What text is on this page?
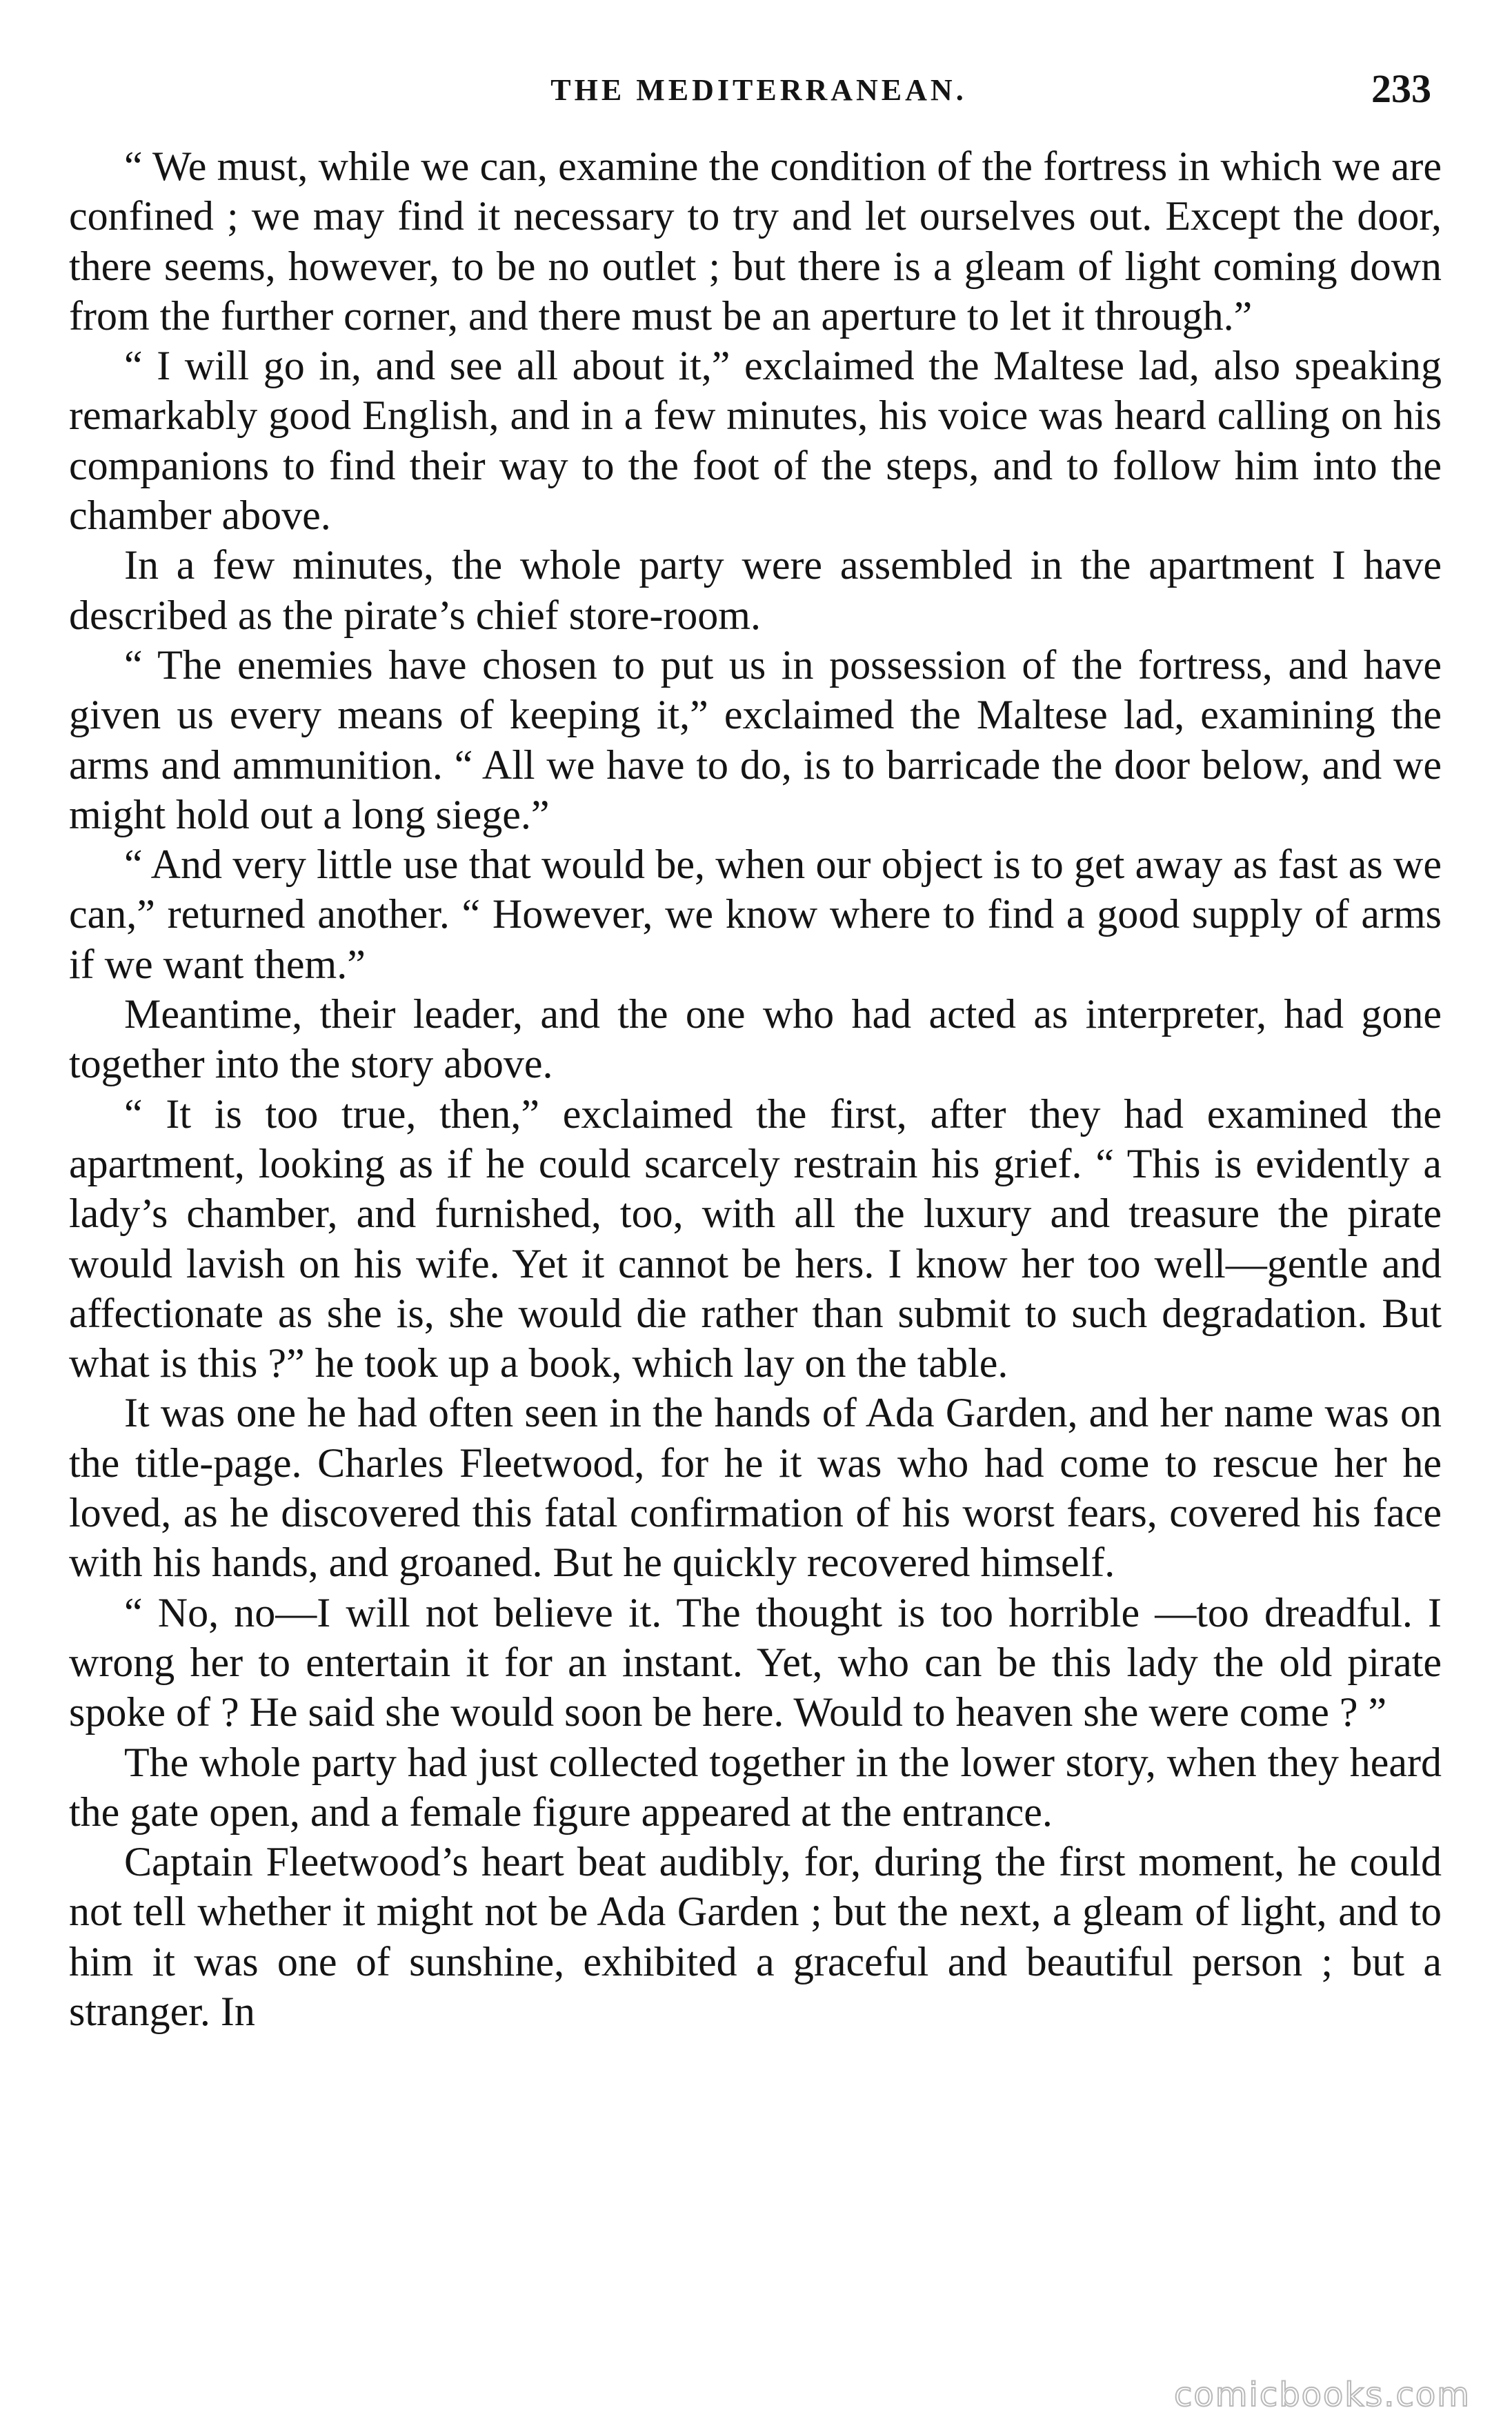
THE MEDITERRANEAN.	233

“ We must, while we can, examine the condition of the fortress in which we are confined ; we may find it necessary to try and let ourselves out. Except the door, there seems, however, to be no outlet ; but there is a gleam of light coming down from the further corner, and there must be an aperture to let it through.”

“ I will go in, and see all about it,” exclaimed the Maltese lad, also speaking remarkably good English, and in a few minutes, his voice was heard calling on his companions to find their way to the foot of the steps, and to follow him into the chamber above.

In a few minutes, the whole party were assembled in the apartment I have described as the pirate’s chief store-room.

“ The enemies have chosen to put us in possession of the fortress, and have given us every means of keeping it,” exclaimed the Maltese lad, examining the arms and ammunition. “ All we have to do, is to barricade the door below, and we might hold out a long siege.”

“ And very little use that would be, when our object is to get away as fast as we can,” returned another. “ However, we know where to find a good supply of arms if we want them.”

Meantime, their leader, and the one who had acted as interpreter, had gone together into the story above.

“ It is too true, then,” exclaimed the first, after they had examined the apartment, looking as if he could scarcely restrain his grief. “ This is evidently a lady’s chamber, and furnished, too, with all the luxury and treasure the pirate would lavish on his wife. Yet it cannot be hers. I know her too well—gentle and affectionate as she is, she would die rather than submit to such degradation. But what is this ?” he took up a book, which lay on the table.

It was one he had often seen in the hands of Ada Garden, and her name was on the title-page. Charles Fleetwood, for he it was who had come to rescue her he loved, as he discovered this fatal confirmation of his worst fears, covered his face with his hands, and groaned. But he quickly recovered himself.

“ No, no—I will not believe it. The thought is too horrible —too dreadful. I wrong her to entertain it for an instant. Yet, who can be this lady the old pirate spoke of ? He said she would soon be here. Would to heaven she were come ? ”

The whole party had just collected together in the lower story, when they heard the gate open, and a female figure appeared at the entrance.

Captain Fleetwood’s heart beat audibly, for, during the first moment, he could not tell whether it might not be Ada Garden ; but the next, a gleam of light, and to him it was one of sunshine, exhibited a graceful and beautiful person ; but a stranger. In

comicbooks.com
